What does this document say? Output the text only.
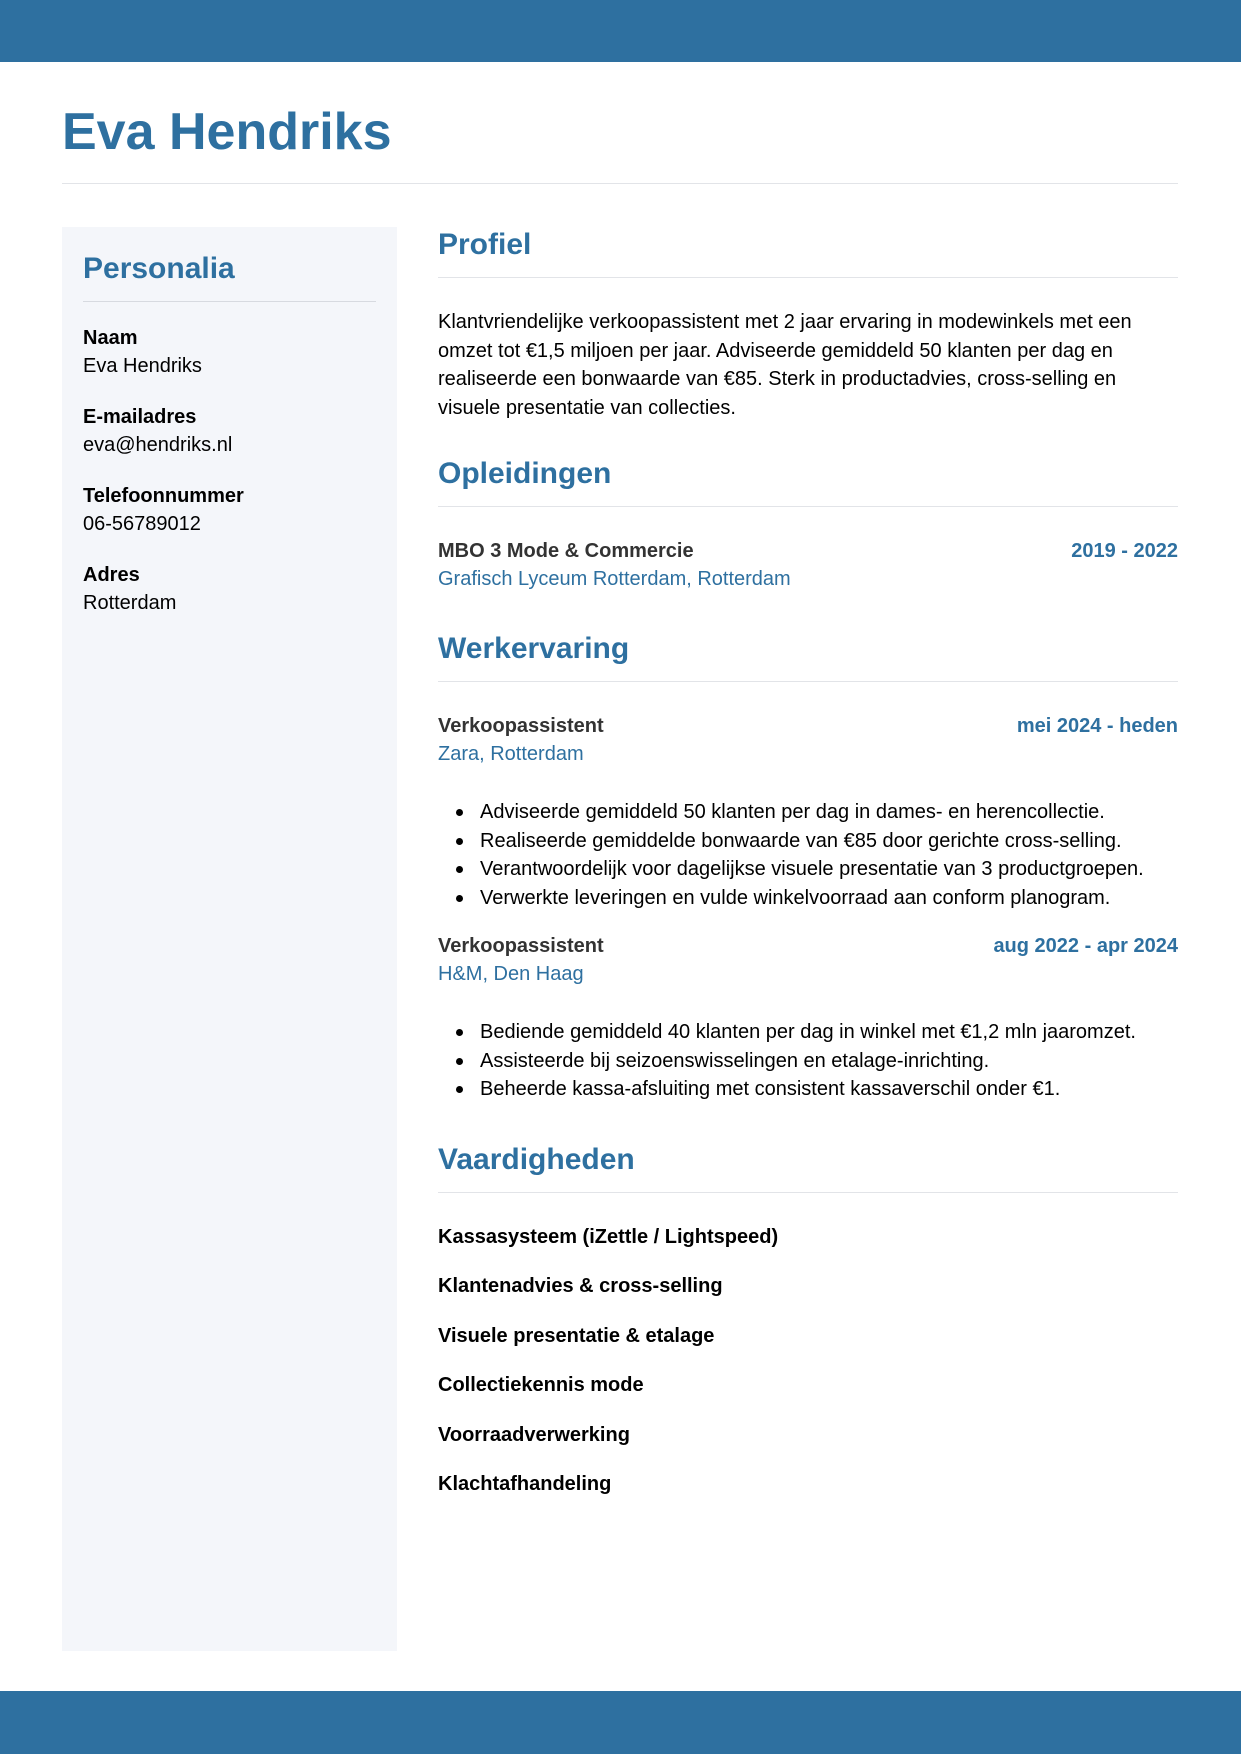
Eva Hendriks
Personalia
Naam
Eva Hendriks
E-mailadres
eva@hendriks.nl
Telefoonnummer
06-56789012
Adres
Rotterdam
Profiel

Klantvriendelijke verkoopassistent met 2 jaar ervaring in modewinkels met een omzet tot €1,5 miljoen per jaar. Adviseerde gemiddeld 50 klanten per dag en realiseerde een bonwaarde van €85. Sterk in productadvies, cross-selling en visuele presentatie van collecties.

Opleidingen
MBO 3 Mode & Commercie	2019 - 2022
Grafisch Lyceum Rotterdam, Rotterdam
Werkervaring
Verkoopassistent	mei 2024 - heden
Zara, Rotterdam
Adviseerde gemiddeld 50 klanten per dag in dames- en herencollectie.
Realiseerde gemiddelde bonwaarde van €85 door gerichte cross-selling.
Verantwoordelijk voor dagelijkse visuele presentatie van 3 productgroepen.
Verwerkte leveringen en vulde winkelvoorraad aan conform planogram.
Verkoopassistent	aug 2022 - apr 2024
H&M, Den Haag
Bediende gemiddeld 40 klanten per dag in winkel met €1,2 mln jaaromzet.
Assisteerde bij seizoenswisselingen en etalage-inrichting.
Beheerde kassa-afsluiting met consistent kassaverschil onder €1.
Vaardigheden
Kassasysteem (iZettle / Lightspeed)
Klantenadvies & cross-selling
Visuele presentatie & etalage
Collectiekennis mode
Voorraadverwerking
Klachtafhandeling
